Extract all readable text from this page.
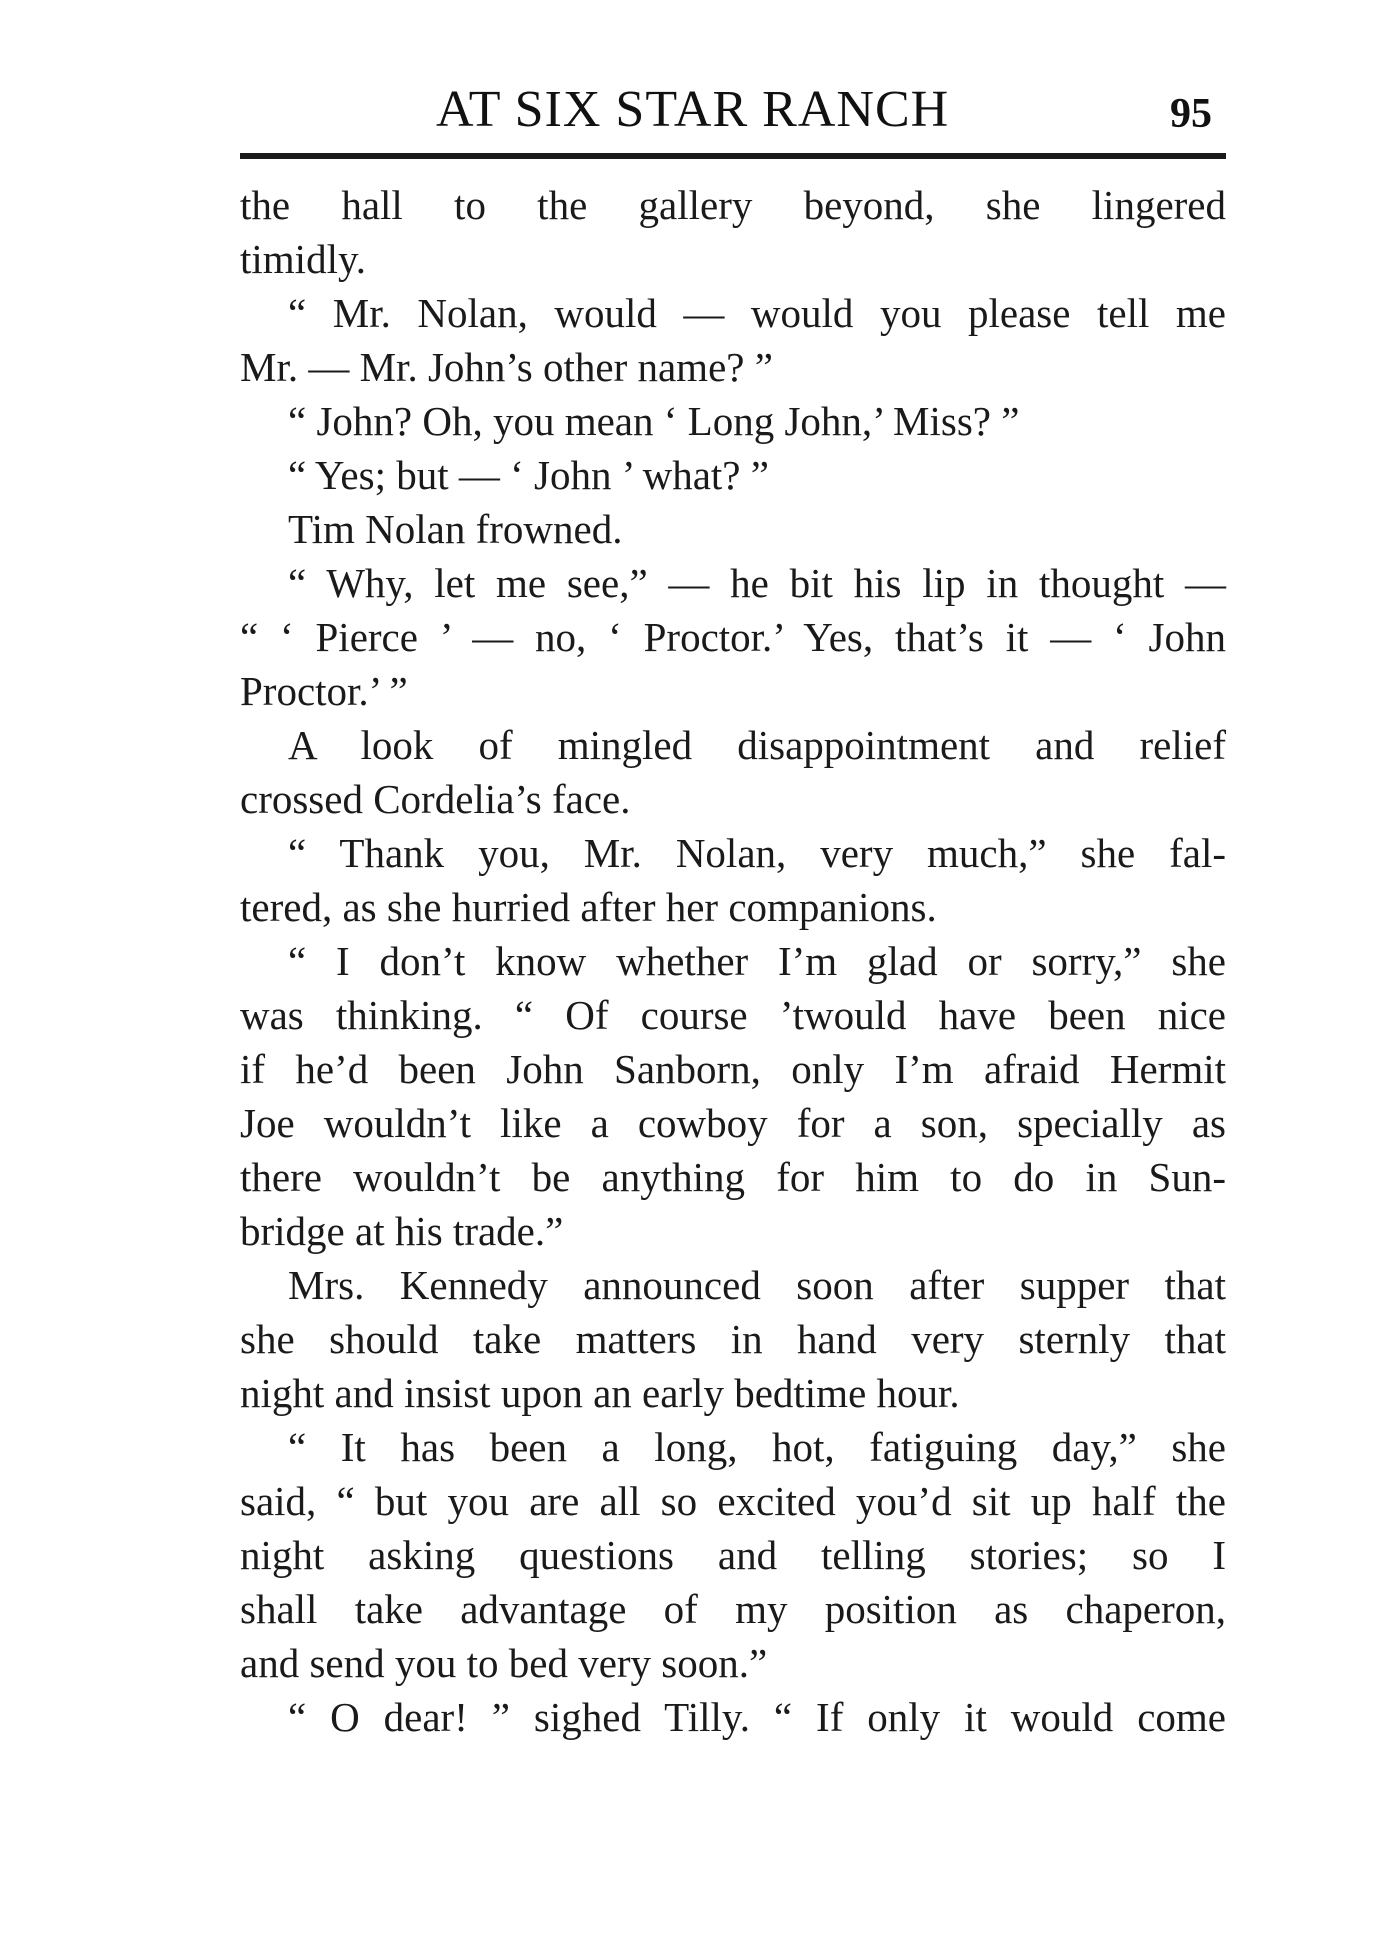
AT SIX STAR RANCH	95
the hall to the gallery beyond, she lingered
timidly.
“ Mr. Nolan, would — would you please tell me
Mr. — Mr. John’s other name? ”
“ John? Oh, you mean ‘ Long John,’ Miss? ”
“ Yes; but — ‘ John ’ what? ”
Tim Nolan frowned.
“ Why, let me see,” — he bit his lip in thought —
“ ‘ Pierce ’ — no, ‘ Proctor.’ Yes, that’s it — ‘ John
Proctor.’ ”
A look of mingled disappointment and relief
crossed Cordelia’s face.
“ Thank you, Mr. Nolan, very much,” she fal-
tered, as she hurried after her companions.
“ I don’t know whether I’m glad or sorry,” she
was thinking. “ Of course ’twould have been nice
if he’d been John Sanborn, only I’m afraid Hermit
Joe wouldn’t like a cowboy for a son, specially as
there wouldn’t be anything for him to do in Sun-
bridge at his trade.”
Mrs. Kennedy announced soon after supper that
she should take matters in hand very sternly that
night and insist upon an early bedtime hour.
“ It has been a long, hot, fatiguing day,” she
said, “ but you are all so excited you’d sit up half the
night asking questions and telling stories; so I
shall take advantage of my position as chaperon,
and send you to bed very soon.”
“ O dear! ” sighed Tilly. “ If only it would come
